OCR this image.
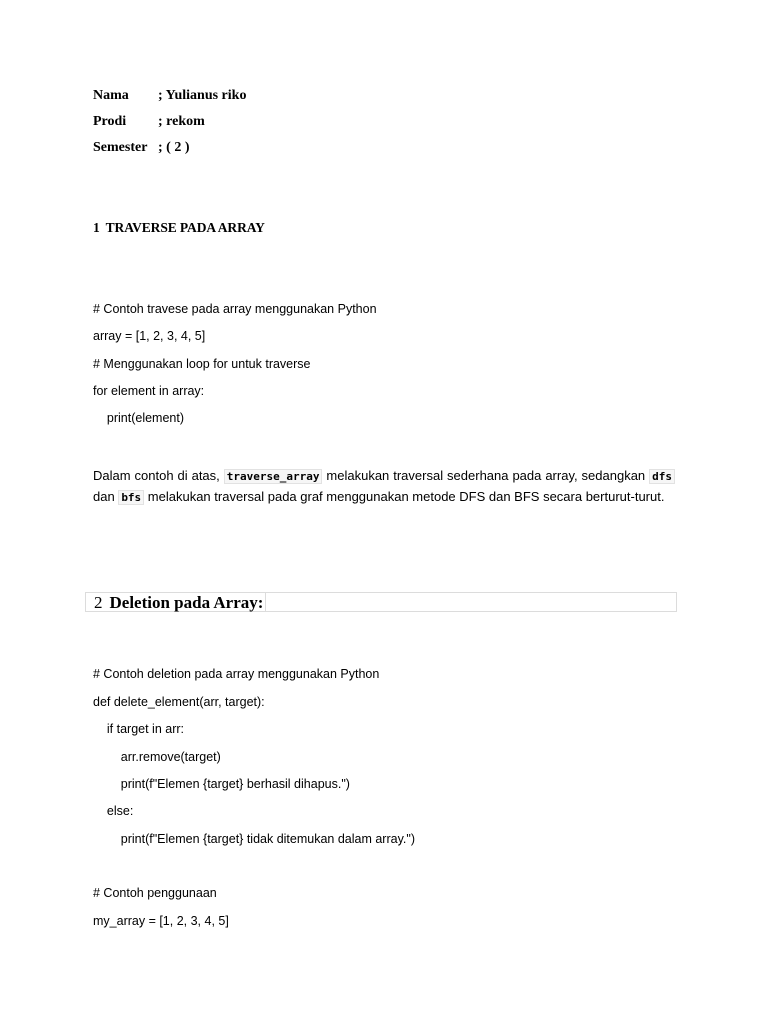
Nama ; Yulianus riko
Prodi ; rekom
Semester ; ( 2 )
1 TRAVERSE PADA ARRAY
# Contoh travese pada array menggunakan Python
array = [1, 2, 3, 4, 5]
# Menggunakan loop for untuk traverse
for element in array:
print(element)

Dalam contoh di atas, traverse_array melakukan traversal sederhana pada array, sedangkan dfs dan bfs melakukan traversal pada graf menggunakan metode DFS dan BFS secara berturut-turut.

2 Deletion pada Array:
# Contoh deletion pada array menggunakan Python
def delete_element(arr, target):
if target in arr:
arr.remove(target)
print(f"Elemen {target} berhasil dihapus.")
else:
print(f"Elemen {target} tidak ditemukan dalam array.")
# Contoh penggunaan
my_array = [1, 2, 3, 4, 5]
